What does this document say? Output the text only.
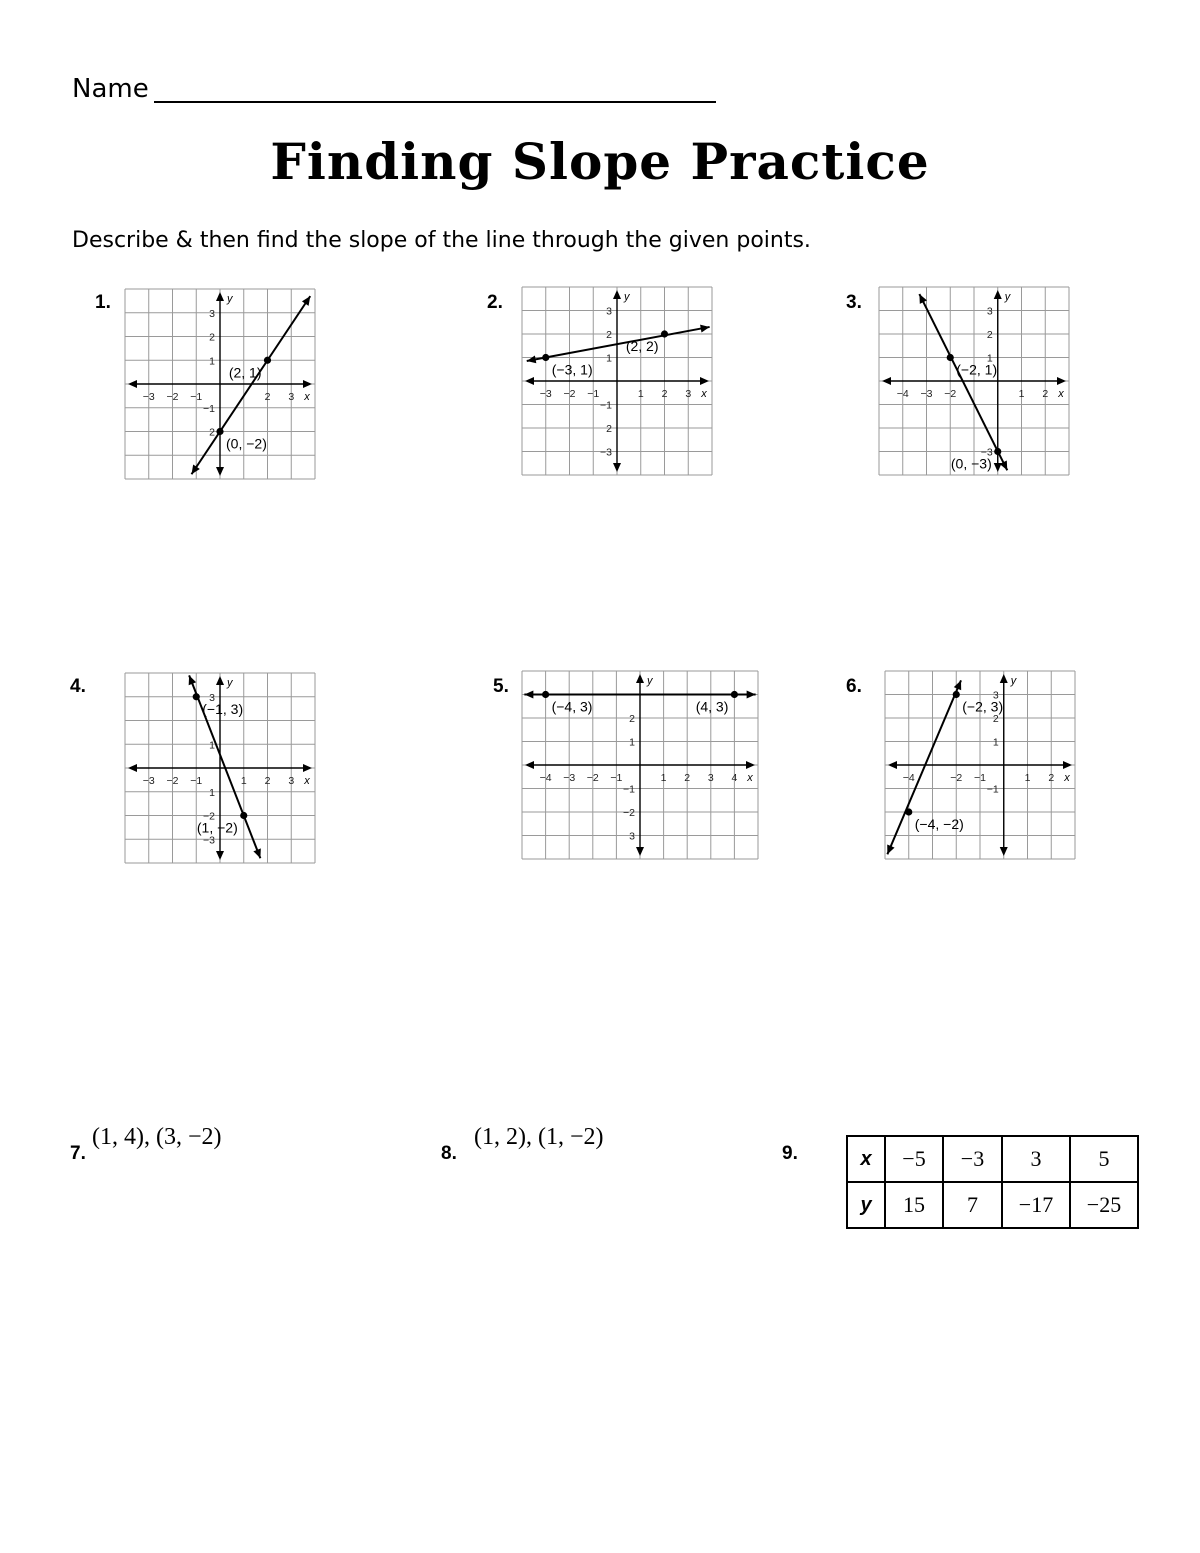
Name
Finding Slope Practice
Describe & then find the slope of the line through the given points.
1.	2.	3.
4.	5.	6.
y
−3 −2 −1	2 3 x
3
2
1
−1
2
(2, 1)
(0, −2)
y
−3 −2 −1	1 2 3 x
3
2
1
−1
2
−3
(−3, 1)
(2, 2)
y
−4 −3 −2	1 2 x
3
2
1
−3
(−2, 1)
(0, −3)
y
−3 −2 −1	1 2 3 x
3
1
1
−2
−3
(−1, 3)
(1, −2)
y
−4 −3 −2 −1	1 2 3 4 x
2
1
−1
−2
3
(−4, 3)	(4, 3)
y
−4	−2 −1	1 2 x
3
2
1
−1
(−2, 3)
(−4, −2)
7.
(1, 4), (3, −2)
8.
(1, 2), (1, −2)
9.	x	−5	−3	3	5
y	15	7	−17	−25
